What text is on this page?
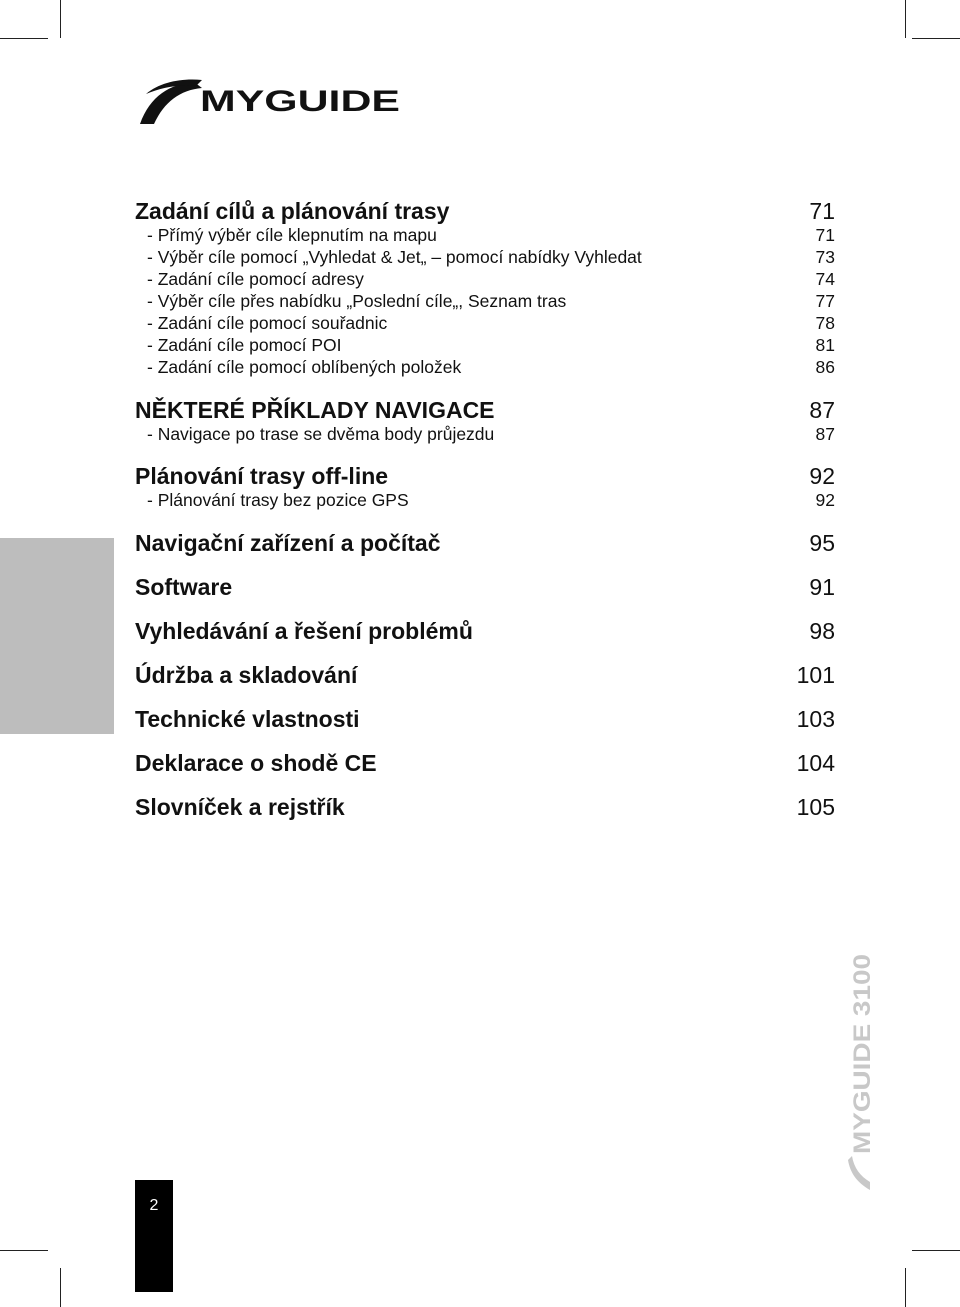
MYGUIDE
Zadání cílů a plánování trasy	71
- Přímý výběr cíle klepnutím na mapu	71
- Výběr cíle pomocí „Vyhledat & Jet„ – pomocí nabídky Vyhledat	73
- Zadání cíle pomocí adresy	74
- Výběr cíle přes nabídku „Poslední cíle„, Seznam tras	77
- Zadání cíle pomocí souřadnic	78
- Zadání cíle pomocí POI	81
- Zadání cíle pomocí oblíbených položek	86
NĚKTERÉ PŘÍKLADY NAVIGACE	87
- Navigace po trase se dvěma body průjezdu	87
Plánování trasy off-line	92
- Plánování trasy bez pozice GPS	92
Navigační zařízení a počítač	95
Software	91
Vyhledávání a řešení problémů	98
Údržba a skladování	101
Technické vlastnosti	103
Deklarace o shodě CE	104
Slovníček a rejstřík	105
MYGUIDE 3100
2
